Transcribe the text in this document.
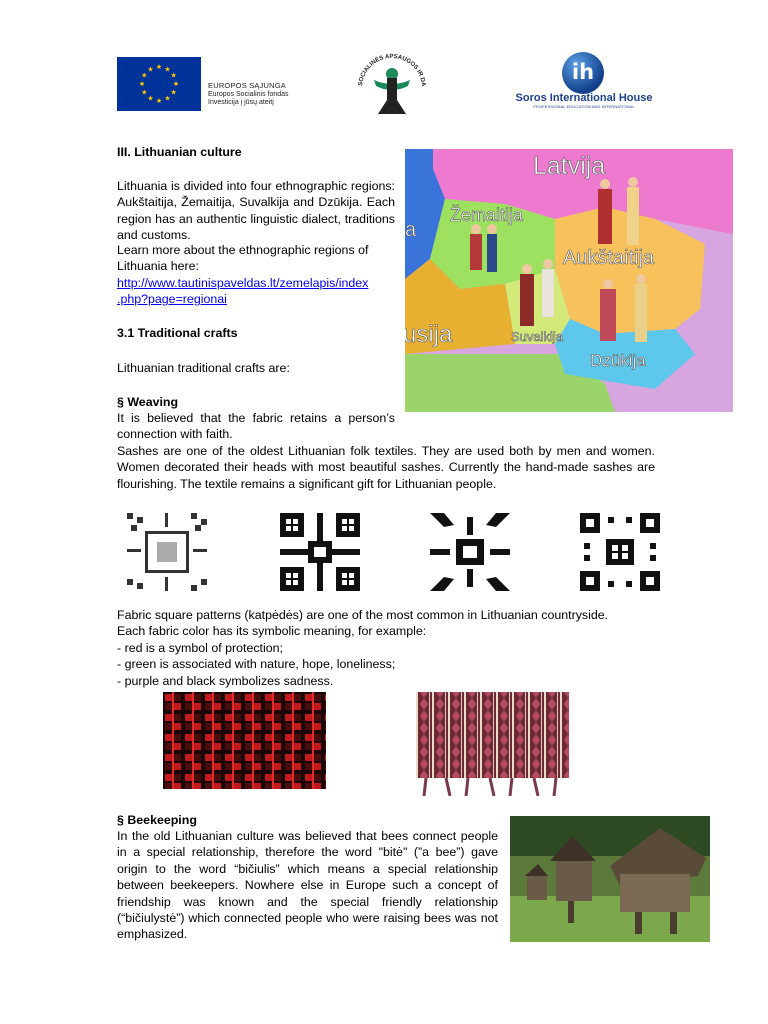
★ ★
★
★
★
★
★
★
★
★
★
★
EUROPOS SĄJUNGA
Europos Socialinis fondas
Investicija į jūsų ateitį
SOCIALINĖS APSAUGOS IR DA
ih
Soros International House
PROFESSIONAL EDUCATION AND INTERNATIONAL
III. Lithuanian culture
Lithuania is divided into four ethnographic regions: Aukštaitija, Žemaitija, Suvalkija and Dzūkija. Each region has an authentic linguistic dialect, traditions and customs.
Learn more about the ethnographic regions of Lithuania here:
http://www.tautinispaveldas.lt/zemelapis/index
.php?page=regionai
Latvija
Žemaitija
Aukštaitija
Suvalkija
Dzūkija
usija
a
3.1 Traditional crafts
Lithuanian traditional crafts are:
§ Weaving
It is believed that the fabric retains a person’s connection with faith.
Sashes are one of the oldest Lithuanian folk textiles. They are used both by men and women. Women decorated their heads with most beautiful sashes. Currently the hand-made sashes are flourishing. The textile remains a significant gift for Lithuanian people.
Fabric square patterns (katpėdės) are one of the most common in Lithuanian countryside.
Each fabric color has its symbolic meaning, for example:
- red is a symbol of protection;
- green is associated with nature, hope, loneliness;
- purple and black symbolizes sadness.
§ Beekeeping
In the old Lithuanian culture was believed that bees connect people in a special relationship, therefore the word "bitė" (”a bee”) gave origin to the word “bičiulis” which means a special relationship between beekeepers. Nowhere else in Europe such a concept of friendship was known and the special friendly relationship (“bičiulystė”) which connected people who were raising bees was not emphasized.
